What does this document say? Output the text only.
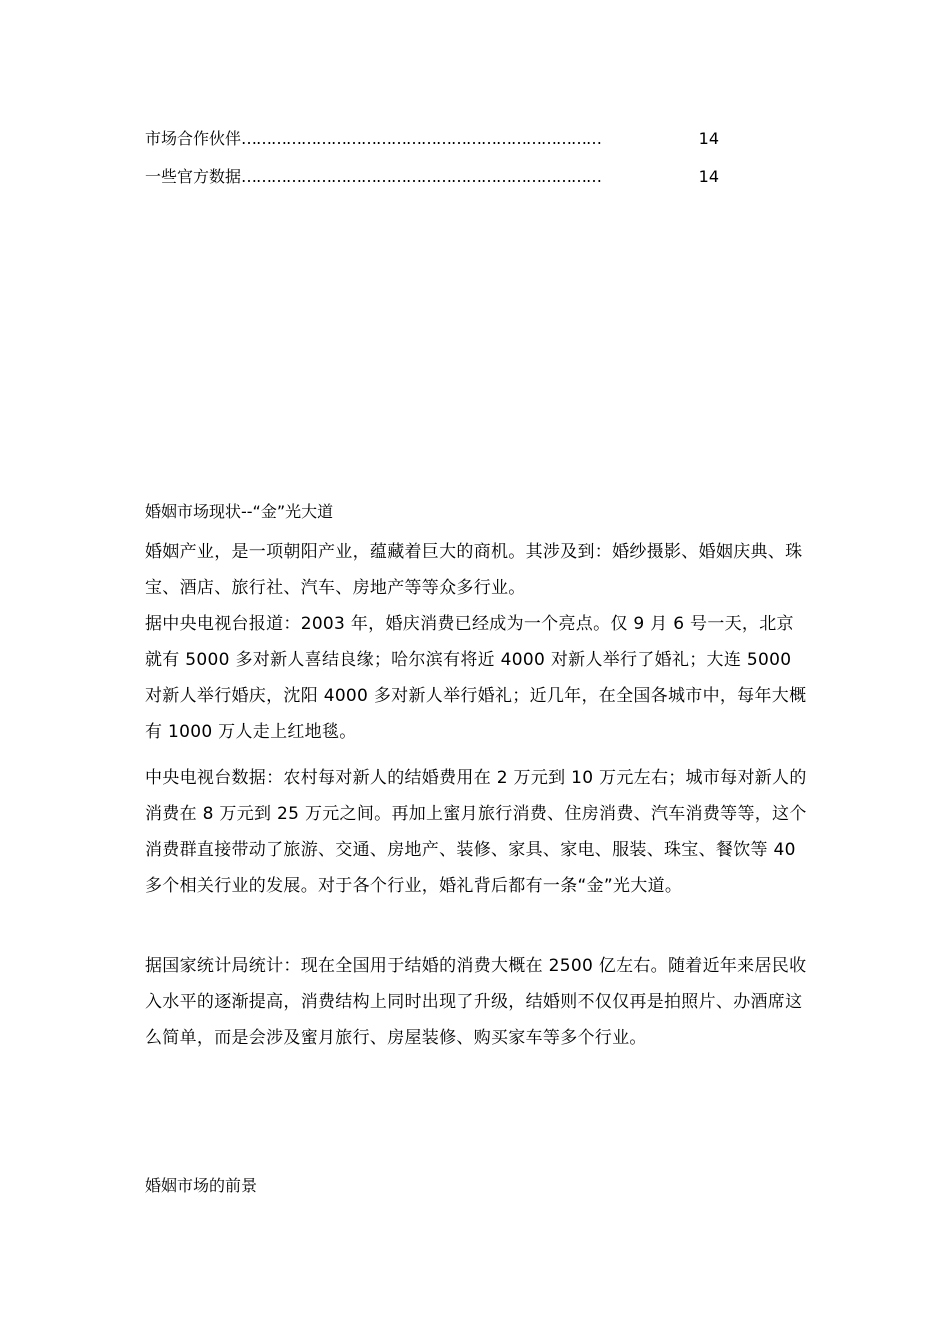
市场合作伙伴………………………………………………………………	14
一些官方数据………………………………………………………………	14
婚姻市场现状--“金”光大道
婚姻产业，是一项朝阳产业，蕴藏着巨大的商机。其涉及到：婚纱摄影、婚姻庆典、珠宝、酒店、旅行社、汽车、房地产等等众多行业。
据中央电视台报道：2003 年，婚庆消费已经成为一个亮点。仅 9 月 6 号一天，北京就有 5000 多对新人喜结良缘；哈尔滨有将近 4000 对新人举行了婚礼；大连 5000 对新人举行婚庆，沈阳 4000 多对新人举行婚礼；近几年，在全国各城市中，每年大概有 1000 万人走上红地毯。
中央电视台数据：农村每对新人的结婚费用在 2 万元到 10 万元左右；城市每对新人的消费在 8 万元到 25 万元之间。再加上蜜月旅行消费、住房消费、汽车消费等等，这个消费群直接带动了旅游、交通、房地产、装修、家具、家电、服装、珠宝、餐饮等 40 多个相关行业的发展。对于各个行业，婚礼背后都有一条“金”光大道。
据国家统计局统计：现在全国用于结婚的消费大概在 2500 亿左右。随着近年来居民收入水平的逐渐提高，消费结构上同时出现了升级，结婚则不仅仅再是拍照片、办酒席这么简单，而是会涉及蜜月旅行、房屋装修、购买家车等多个行业。
婚姻市场的前景
